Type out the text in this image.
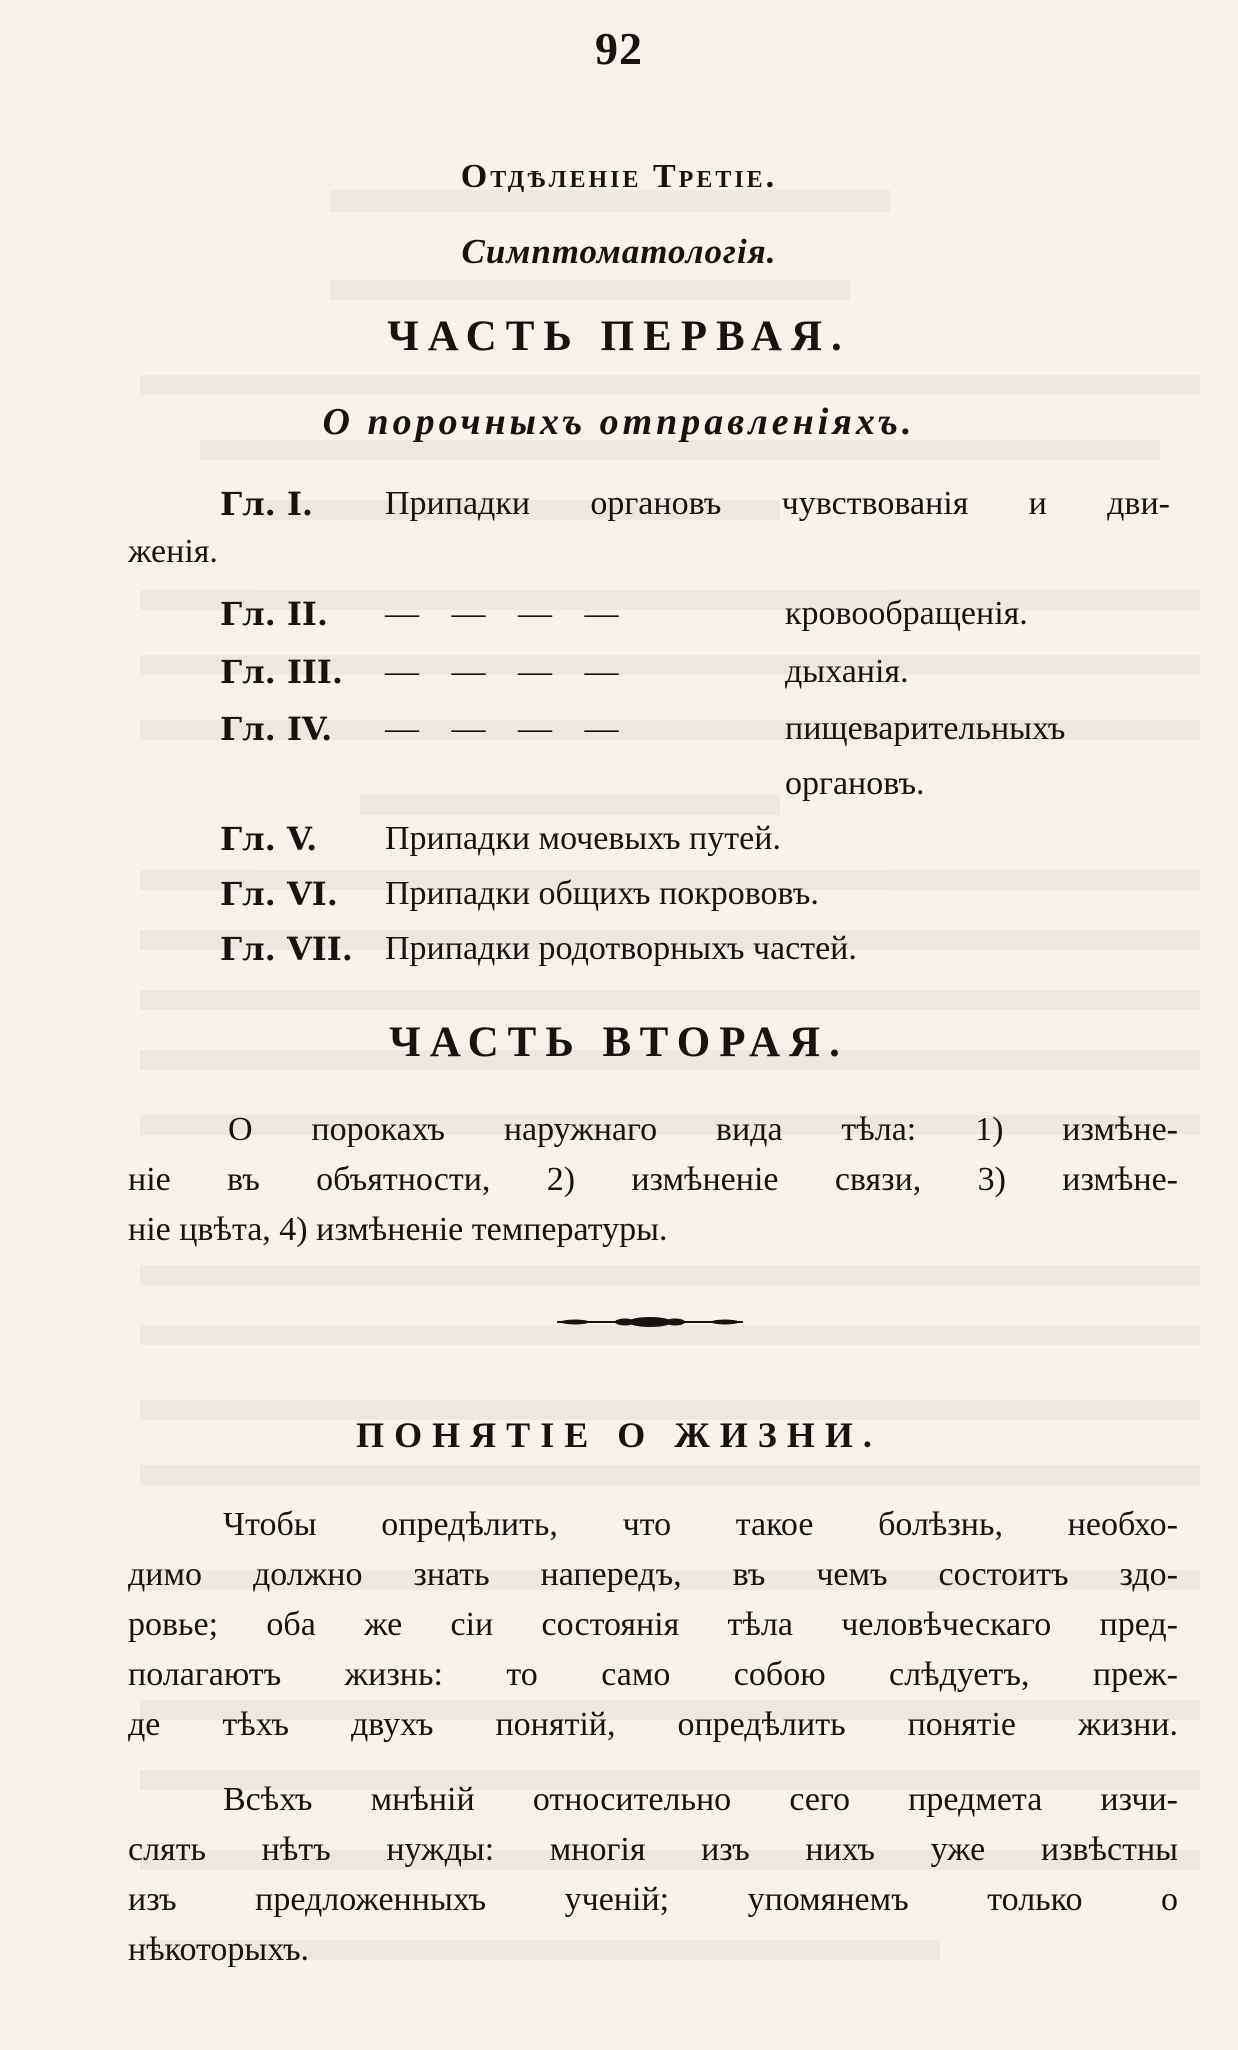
92
Отдѣленіе Третіе.
Симптоматологія.
ЧАСТЬ ПЕРВАЯ.
О порочныхъ отправленіяхъ.
Гл. I. Припадки органовъ чувствованія и дви-
женія.
Гл. II. — — — —	кровообращенія.
Гл. III. — — — —	дыханія.
Гл. IV. — — — —	пищеварительныхъ
органовъ.
Гл. V. Припадки мочевыхъ путей.
Гл. VI. Припадки общихъ покрововъ.
Гл. VII. Припадки родотворныхъ частей.
ЧАСТЬ ВТОРАЯ.
О порокахъ наружнаго вида тѣла: 1) измѣне-
ніе въ объятности, 2) измѣненіе связи, 3) измѣне-
ніе цвѣта, 4) измѣненіе температуры.
ПОНЯТІЕ О ЖИЗНИ.
Чтобы опредѣлить, что такое болѣзнь, необхо-
димо должно знать напередъ, въ чемъ состоитъ здо-
ровье; оба же сіи состоянія тѣла человѣческаго пред-
полагаютъ жизнь: то само собою слѣдуетъ, преж-
де тѣхъ двухъ понятій, опредѣлить понятіе жизни.
Всѣхъ мнѣній относительно сего предмета изчи-
слять нѣтъ нужды: многія изъ нихъ уже извѣстны
изъ предложенныхъ ученій; упомянемъ только о
нѣкоторыхъ.
